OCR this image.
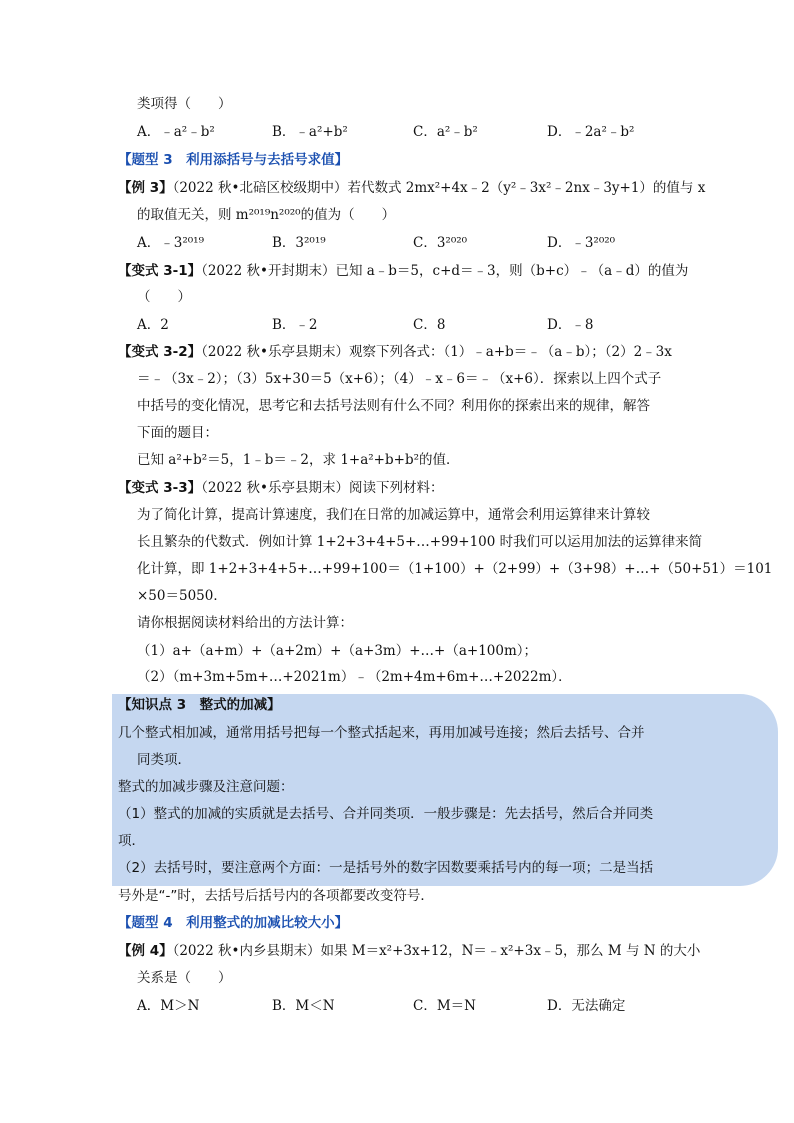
类项得（　　）
A．﹣a²﹣b²	B．﹣a²+b²	C．a²﹣b²	D．﹣2a²﹣b²
【题型 3　利用添括号与去括号求值】
【例 3】（2022 秋•北碚区校级期中）若代数式 2mx²+4x﹣2（y²﹣3x²﹣2nx﹣3y+1）的值与 x
的取值无关，则 m²⁰¹⁹n²⁰²⁰的值为（　　）
A．﹣3²⁰¹⁹	B．3²⁰¹⁹	C．3²⁰²⁰	D．﹣3²⁰²⁰
【变式 3-1】（2022 秋•开封期末）已知 a﹣b＝5，c+d＝﹣3，则（b+c）﹣（a﹣d）的值为
（　　）
A．2	B．﹣2	C．8	D．﹣8
【变式 3-2】（2022 秋•乐亭县期末）观察下列各式：（1）﹣a+b＝﹣（a﹣b）；（2）2﹣3x
＝﹣（3x﹣2）；（3）5x+30＝5（x+6）；（4）﹣x﹣6＝﹣（x+6）．探索以上四个式子
中括号的变化情况，思考它和去括号法则有什么不同？利用你的探索出来的规律，解答
下面的题目：
已知 a²+b²＝5，1﹣b＝﹣2，求 1+a²+b+b²的值．
【变式 3-3】（2022 秋•乐亭县期末）阅读下列材料：
为了简化计算，提高计算速度，我们在日常的加减运算中，通常会利用运算律来计算较
长且繁杂的代数式．例如计算 1+2+3+4+5+…+99+100 时我们可以运用加法的运算律来简
化计算，即 1+2+3+4+5+…+99+100＝（1+100）+（2+99）+（3+98）+…+（50+51）＝101
×50＝5050．
请你根据阅读材料给出的方法计算：
（1）a+（a+m）+（a+2m）+（a+3m）+…+（a+100m）；
（2）（m+3m+5m+…+2021m）﹣（2m+4m+6m+…+2022m）．
【知识点 3　整式的加减】
几个整式相加减，通常用括号把每一个整式括起来，再用加减号连接；然后去括号、合并
同类项．
整式的加减步骤及注意问题：
（1）整式的加减的实质就是去括号、合并同类项．一般步骤是：先去括号，然后合并同类
项．
（2）去括号时，要注意两个方面：一是括号外的数字因数要乘括号内的每一项；二是当括
号外是“-”时，去括号后括号内的各项都要改变符号．
【题型 4　利用整式的加减比较大小】
【例 4】（2022 秋•内乡县期末）如果 M＝x²+3x+12，N＝﹣x²+3x﹣5，那么 M 与 N 的大小
关系是（　　）
A．M＞N	B．M＜N	C．M＝N	D．无法确定
